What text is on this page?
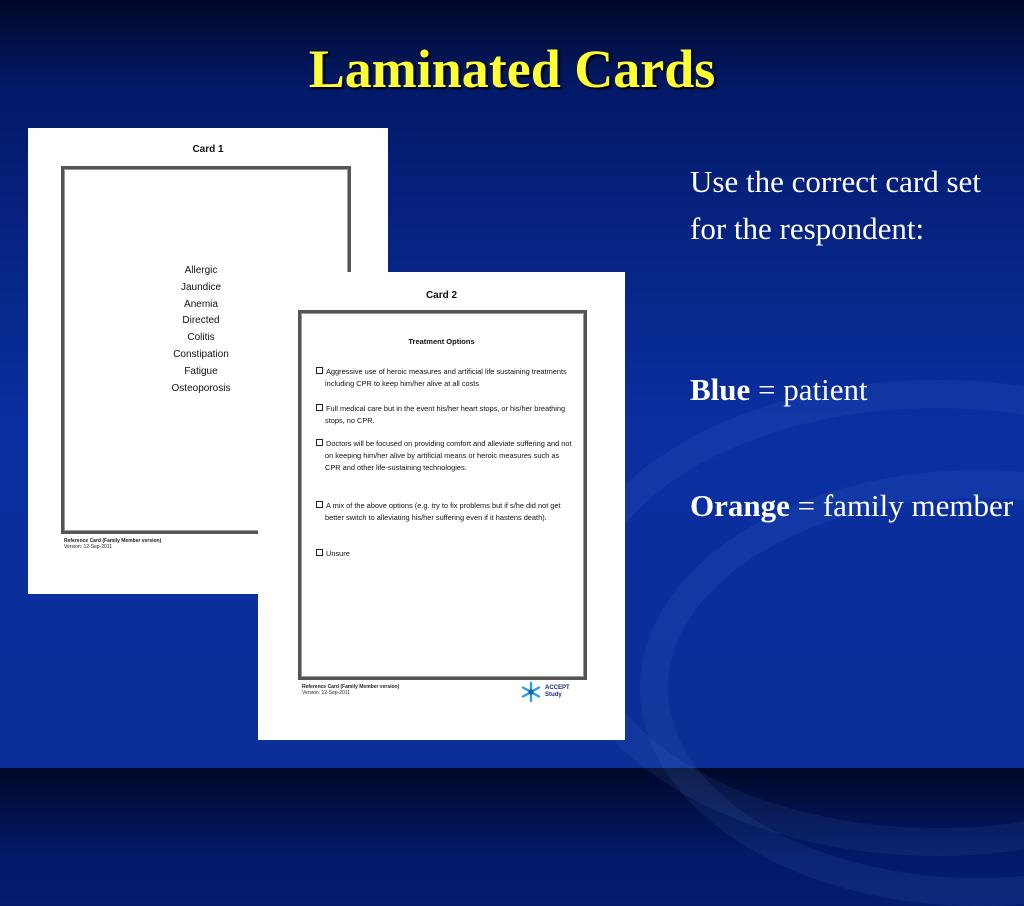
Laminated Cards
Card 1
Allergic
Jaundice
Anemia
Directed
Colitis
Constipation
Fatigue
Osteoporosis
Reference Card (Family Member version)
Version: 12-Sep-2011
Card 2
Treatment Options
Aggressive use of heroic measures and artificial life sustaining treatments including CPR to keep him/her alive at all costs
Full medical care but in the event his/her heart stops, or his/her breathing stops, no CPR.
Doctors will be focused on providing comfort and alleviate suffering and not on keeping him/her alive by artificial means or heroic measures such as CPR and other life-sustaining technologies.
A mix of the above options (e.g. try to fix problems but if s/he did not get better switch to alleviating his/her suffering even if it hastens death).
Unsure
Reference Card (Family Member version)
Version: 12-Sep-2011
ACCEPT
Study
Use the correct card set for the respondent:
Blue = patient
Orange = family member
